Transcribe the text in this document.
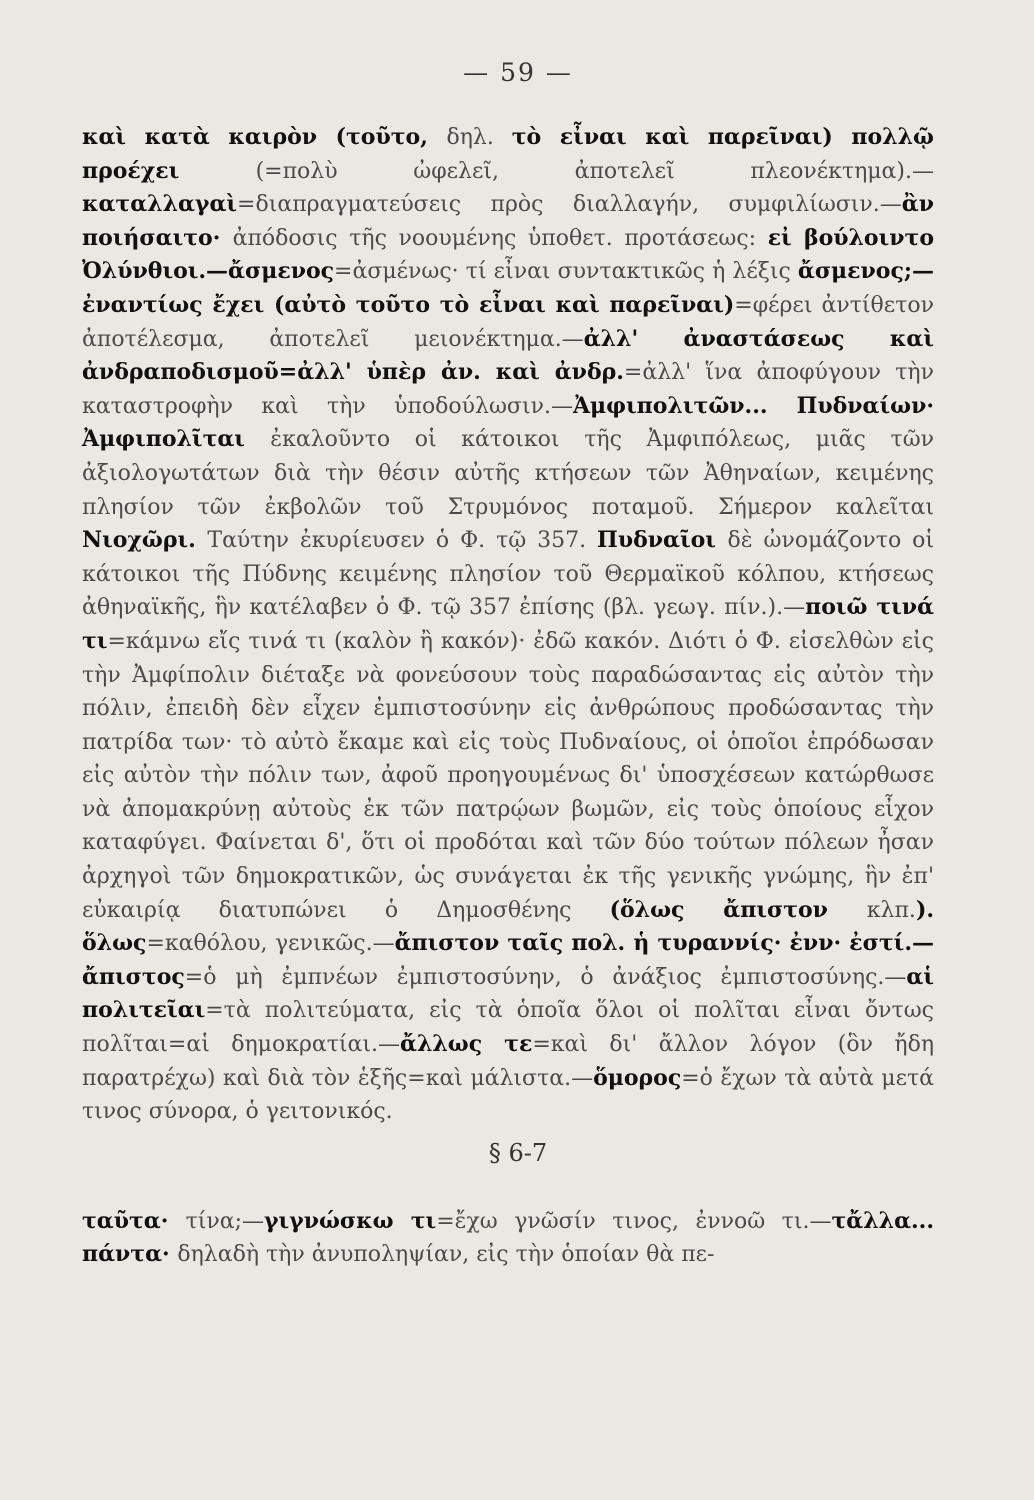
— 59 —

καὶ κατὰ καιρὸν (τοῦτο, δηλ. τὸ εἶναι καὶ παρεῖναι) πολλῷ προέχει (=πολὺ ὠφελεῖ, ἀποτελεῖ πλεονέκτημα).—καταλλαγαὶ=διαπραγματεύσεις πρὸς διαλλαγήν, συμφιλίωσιν.—ἂν ποιήσαιτο· ἀπόδοσις τῆς νοουμένης ὑποθετ. προτάσεως: εἰ βούλοιντο Ὀλύνθιοι.—ἄσμενος=ἀσμένως· τί εἶναι συντακτικῶς ἡ λέξις ἄσμενος;—ἐναντίως ἔχει (αὐτὸ τοῦτο τὸ εἶναι καὶ παρεῖναι)=φέρει ἀντίθετον ἀποτέλεσμα, ἀποτελεῖ μειονέκτημα.—ἀλλ' ἀναστάσεως καὶ ἀνδραποδισμοῦ=ἀλλ' ὑπὲρ ἀν. καὶ ἀνδρ.=ἀλλ' ἵνα ἀποφύγουν τὴν καταστροφὴν καὶ τὴν ὑποδούλωσιν.—Ἀμφιπολιτῶν... Πυδναίων· Ἀμφιπολῖται ἐκαλοῦντο οἱ κάτοικοι τῆς Ἀμφιπόλεως, μιᾶς τῶν ἀξιολογωτάτων διὰ τὴν θέσιν αὐτῆς κτήσεων τῶν Ἀθηναίων, κειμένης πλησίον τῶν ἐκβολῶν τοῦ Στρυμόνος ποταμοῦ. Σήμερον καλεῖται Νιοχῶρι. Ταύτην ἐκυρίευσεν ὁ Φ. τῷ 357. Πυδναῖοι δὲ ὠνομάζοντο οἱ κάτοικοι τῆς Πύδνης κειμένης πλησίον τοῦ Θερμαϊκοῦ κόλπου, κτήσεως ἀθηναϊκῆς, ἣν κατέλαβεν ὁ Φ. τῷ 357 ἐπίσης (βλ. γεωγ. πίν.).—ποιῶ τινά τι=κάμνω εἴς τινά τι (καλὸν ἢ κακόν)· ἐδῶ κακόν. Διότι ὁ Φ. εἰσελθὼν εἰς τὴν Ἀμφίπολιν διέταξε νὰ φονεύσουν τοὺς παραδώσαντας εἰς αὐτὸν τὴν πόλιν, ἐπειδὴ δὲν εἶχεν ἐμπιστοσύνην εἰς ἀνθρώπους προδώσαντας τὴν πατρίδα των· τὸ αὐτὸ ἔκαμε καὶ εἰς τοὺς Πυδναίους, οἱ ὁποῖοι ἐπρόδωσαν εἰς αὐτὸν τὴν πόλιν των, ἀφοῦ προηγουμένως δι' ὑποσχέσεων κατώρθωσε νὰ ἀπομακρύνῃ αὐτοὺς ἐκ τῶν πατρῴων βωμῶν, εἰς τοὺς ὁποίους εἶχον καταφύγει. Φαίνεται δ', ὅτι οἱ προδόται καὶ τῶν δύο τούτων πόλεων ἦσαν ἀρχηγοὶ τῶν δημοκρατικῶν, ὡς συνάγεται ἐκ τῆς γενικῆς γνώμης, ἣν ἐπ' εὐκαιρίᾳ διατυπώνει ὁ Δημοσθένης (ὅλως ἄπιστον κλπ.). ὅλως=καθόλου, γενικῶς.—ἄπιστον ταῖς πολ. ἡ τυραννίς· ἐνν· ἐστί.—ἄπιστος=ὁ μὴ ἐμπνέων ἐμπιστοσύνην, ὁ ἀνάξιος ἐμπιστοσύνης.—αἱ πολιτεῖαι=τὰ πολιτεύματα, εἰς τὰ ὁποῖα ὅλοι οἱ πολῖται εἶναι ὄντως πολῖται=αἱ δημοκρατίαι.—ἄλλως τε=καὶ δι' ἄλλον λόγον (ὃν ἤδη παρατρέχω) καὶ διὰ τὸν ἑξῆς=καὶ μάλιστα.—ὅμορος=ὁ ἔχων τὰ αὐτὰ μετά τινος σύνορα, ὁ γειτονικός.

§ 6-7

ταῦτα· τίνα;—γιγνώσκω τι=ἔχω γνῶσίν τινος, ἐννοῶ τι.—τἄλλα... πάντα· δηλαδὴ τὴν ἀνυποληψίαν, εἰς τὴν ὁποίαν θὰ πε-
